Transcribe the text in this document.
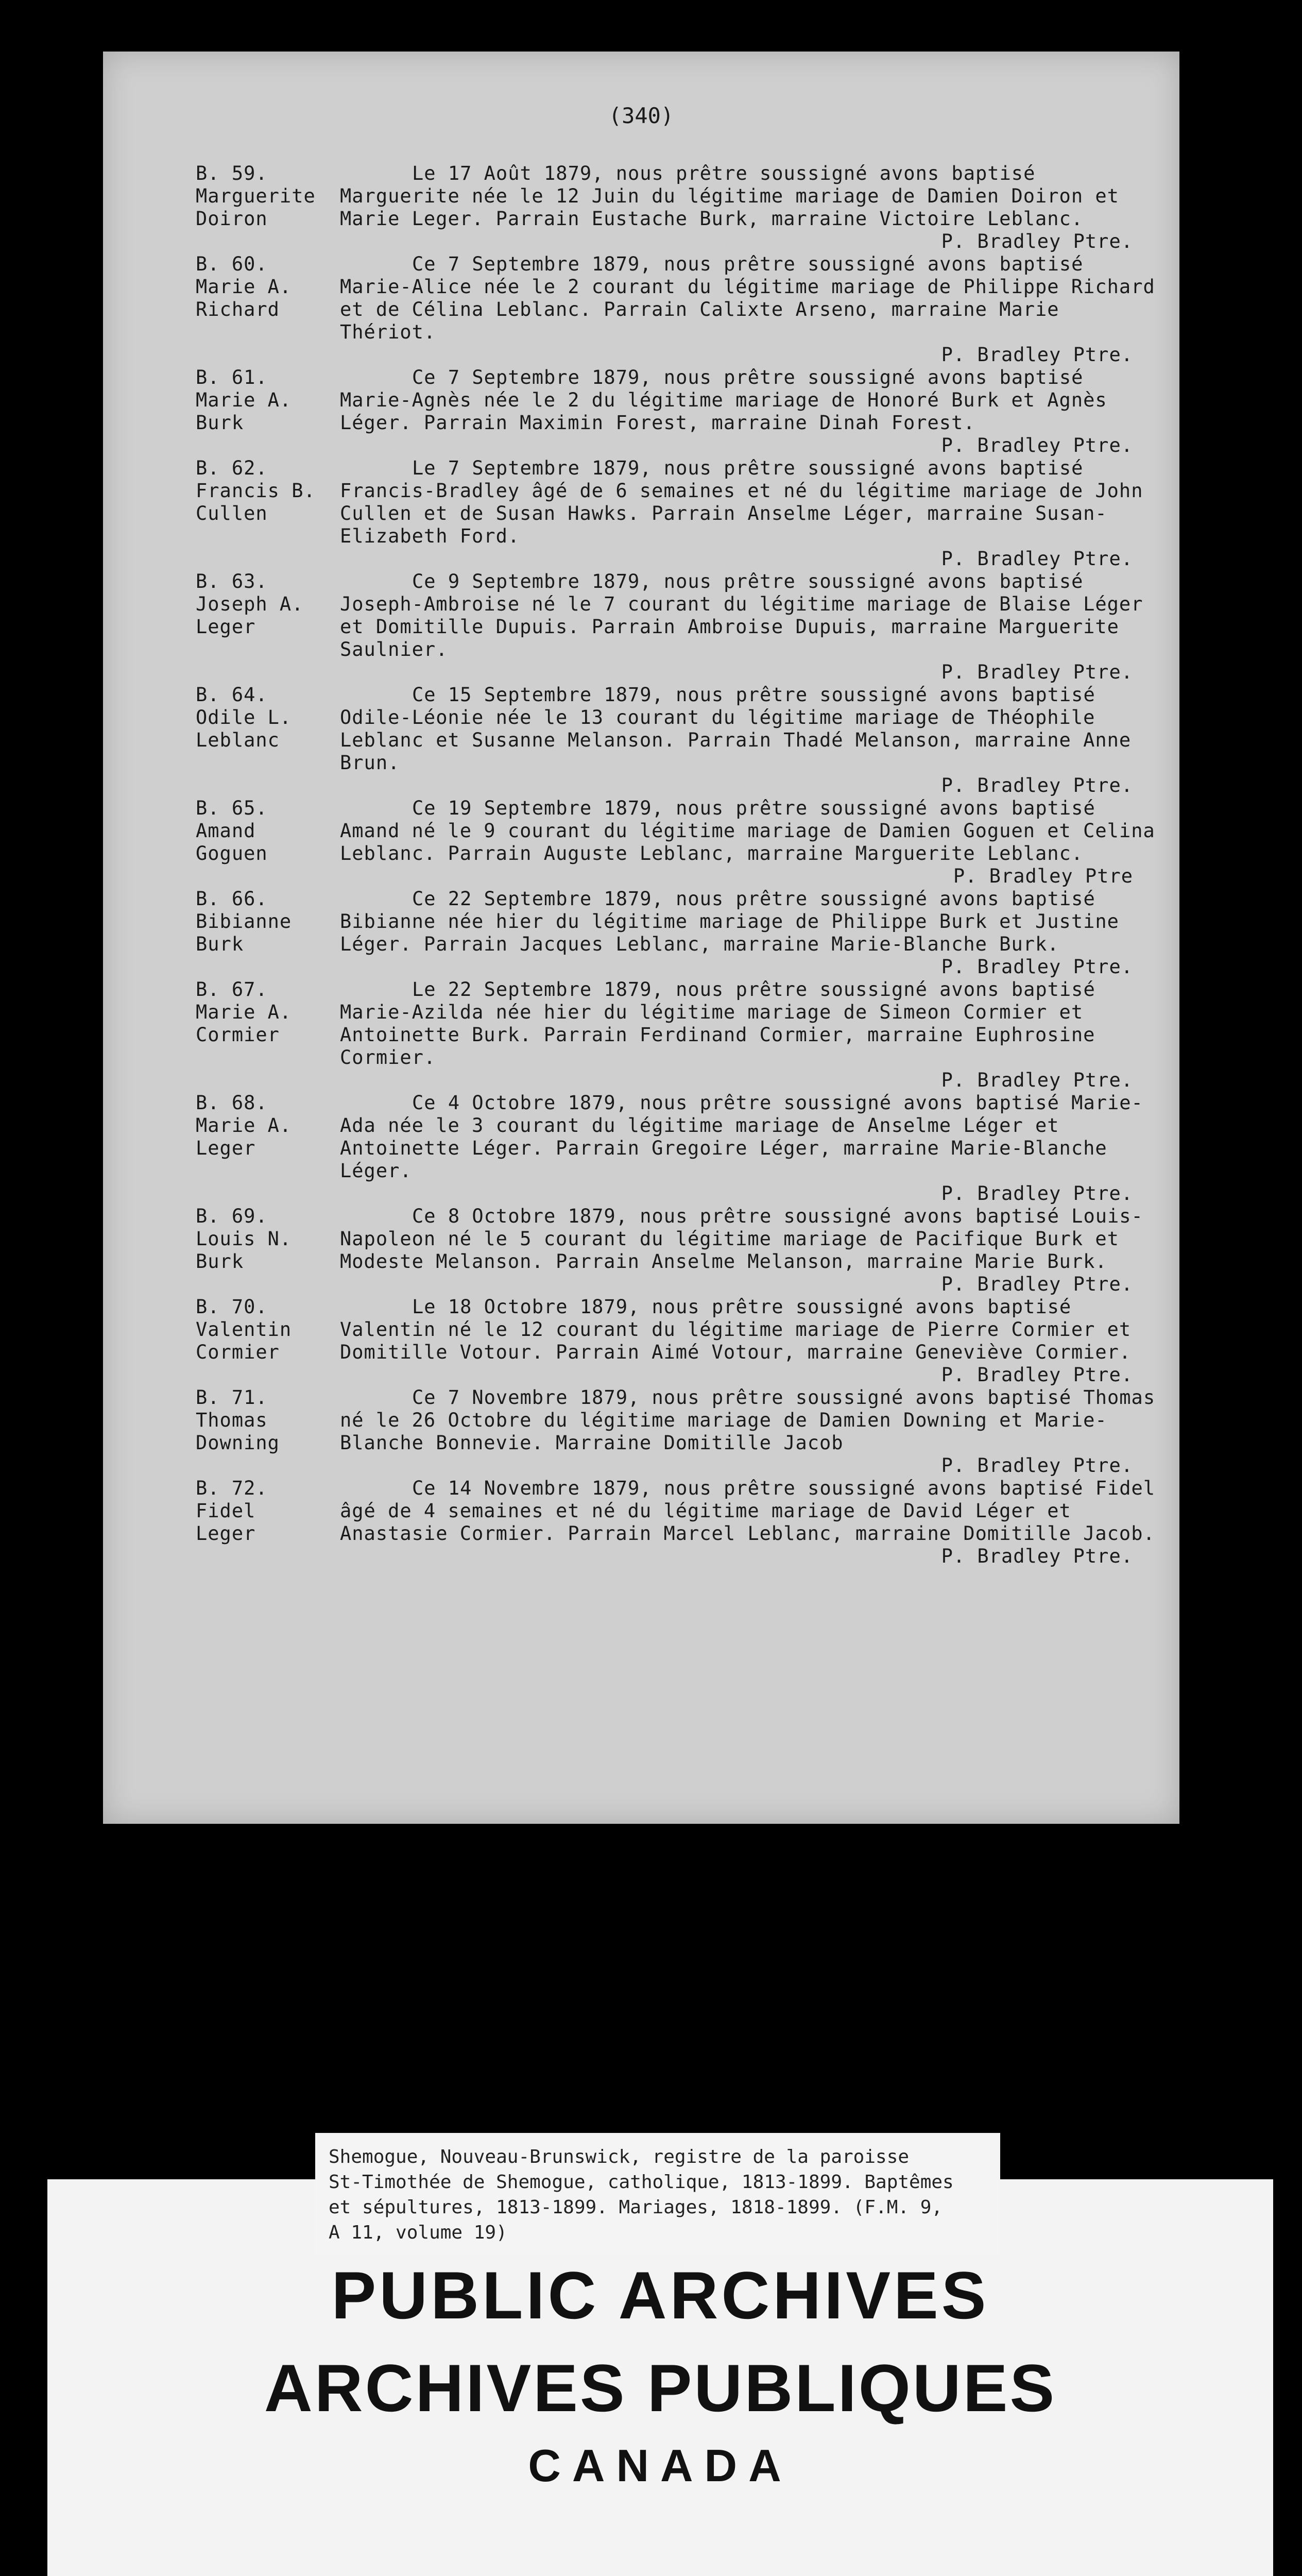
(340)
B. 59.
Marguerite
Doiron
Le 17 Août 1879, nous prêtre soussigné avons baptisé Marguerite née le 12 Juin du légitime mariage de Damien Doiron et Marie Leger. Parrain Eustache Burk, marraine Victoire Leblanc.
P. Bradley Ptre.
B. 60.
Marie A.
Richard
Ce 7 Septembre 1879, nous prêtre soussigné avons baptisé Marie-Alice née le 2 courant du légitime mariage de Philippe Richard et de Célina Leblanc. Parrain Calixte Arseno, marraine Marie Thériot.
P. Bradley Ptre.
B. 61.
Marie A.
Burk
Ce 7 Septembre 1879, nous prêtre soussigné avons baptisé Marie-Agnès née le 2 du légitime mariage de Honoré Burk et Agnès Léger. Parrain Maximin Forest, marraine Dinah Forest.
P. Bradley Ptre.
B. 62.
Francis B.
Cullen
Le 7 Septembre 1879, nous prêtre soussigné avons baptisé Francis-Bradley âgé de 6 semaines et né du légitime mariage de John Cullen et de Susan Hawks. Parrain Anselme Léger, marraine Susan-Elizabeth Ford.
P. Bradley Ptre.
B. 63.
Joseph A.
Leger
Ce 9 Septembre 1879, nous prêtre soussigné avons baptisé Joseph-Ambroise né le 7 courant du légitime mariage de Blaise Léger et Domitille Dupuis. Parrain Ambroise Dupuis, marraine Marguerite Saulnier.
P. Bradley Ptre.
B. 64.
Odile L.
Leblanc
Ce 15 Septembre 1879, nous prêtre soussigné avons baptisé Odile-Léonie née le 13 courant du légitime mariage de Théophile Leblanc et Susanne Melanson. Parrain Thadé Melanson, marraine Anne Brun.
P. Bradley Ptre.
B. 65.
Amand
Goguen
Ce 19 Septembre 1879, nous prêtre soussigné avons baptisé Amand né le 9 courant du légitime mariage de Damien Goguen et Celina Leblanc. Parrain Auguste Leblanc, marraine Marguerite Leblanc.
P. Bradley Ptre
B. 66.
Bibianne
Burk
Ce 22 Septembre 1879, nous prêtre soussigné avons baptisé Bibianne née hier du légitime mariage de Philippe Burk et Justine Léger. Parrain Jacques Leblanc, marraine Marie-Blanche Burk.
P. Bradley Ptre.
B. 67.
Marie A.
Cormier
Le 22 Septembre 1879, nous prêtre soussigné avons baptisé Marie-Azilda née hier du légitime mariage de Simeon Cormier et Antoinette Burk. Parrain Ferdinand Cormier, marraine Euphrosine Cormier.
P. Bradley Ptre.
B. 68.
Marie A.
Leger
Ce 4 Octobre 1879, nous prêtre soussigné avons baptisé Marie-Ada née le 3 courant du légitime mariage de Anselme Léger et Antoinette Léger. Parrain Gregoire Léger, marraine Marie-Blanche Léger.
P. Bradley Ptre.
B. 69.
Louis N.
Burk
Ce 8 Octobre 1879, nous prêtre soussigné avons baptisé Louis-Napoleon né le 5 courant du légitime mariage de Pacifique Burk et Modeste Melanson. Parrain Anselme Melanson, marraine Marie Burk.
P. Bradley Ptre.
B. 70.
Valentin
Cormier
Le 18 Octobre 1879, nous prêtre soussigné avons baptisé Valentin né le 12 courant du légitime mariage de Pierre Cormier et Domitille Votour. Parrain Aimé Votour, marraine Geneviève Cormier.
P. Bradley Ptre.
B. 71.
Thomas
Downing
Ce 7 Novembre 1879, nous prêtre soussigné avons baptisé Thomas né le 26 Octobre du légitime mariage de Damien Downing et Marie-Blanche Bonnevie. Marraine Domitille Jacob
P. Bradley Ptre.
B. 72.
Fidel
Leger
Ce 14 Novembre 1879, nous prêtre soussigné avons baptisé Fidel âgé de 4 semaines et né du légitime mariage de David Léger et Anastasie Cormier. Parrain Marcel Leblanc, marraine Domitille Jacob.
P. Bradley Ptre.
Shemogue, Nouveau-Brunswick, registre de la paroisse
St-Timothée de Shemogue, catholique, 1813-1899. Baptêmes
et sépultures, 1813-1899. Mariages, 1818-1899. (F.M. 9,
A 11, volume 19)
PUBLIC ARCHIVES
ARCHIVES PUBLIQUES
CANADA
